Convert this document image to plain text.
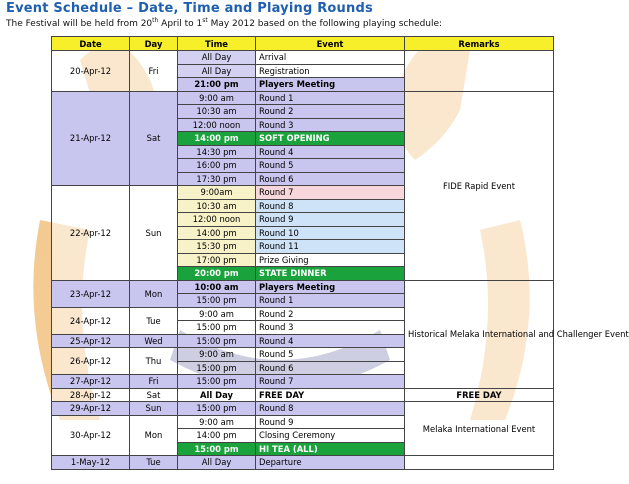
Event Schedule – Date, Time and Playing Rounds
The Festival will be held from 20th April to 1st May 2012 based on the following playing schedule:
Date	Day	Time	Event	Remarks
20-Apr-12	Fri	All Day	Arrival	
		All Day	Registration	
		21:00 pm	Players Meeting	
21-Apr-12	Sat	9:00 am	Round 1	FIDE Rapid Event
		10:30 am	Round 2	
		12:00 noon	Round 3	
		14:00 pm	SOFT OPENING	
		14:30 pm	Round 4	
		16:00 pm	Round 5	
		17:30 pm	Round 6	
22-Apr-12	Sun	9:00am	Round 7	
		10:30 am	Round 8	
		12:00 noon	Round 9	
		14:00 pm	Round 10	
		15:30 pm	Round 11	
		17:00 pm	Prize Giving	
		20:00 pm	STATE DINNER	
23-Apr-12	Mon	10:00 am	Players Meeting	Historical Melaka International and Challenger Event
		15:00 pm	Round 1	
24-Apr-12	Tue	9:00 am	Round 2	
		15:00 pm	Round 3	
25-Apr-12	Wed	15:00 pm	Round 4	
26-Apr-12	Thu	9:00 am	Round 5	
		15:00 pm	Round 6	
27-Apr-12	Fri	15:00 pm	Round 7	
28-Apr-12	Sat	All Day	FREE DAY	FREE DAY
29-Apr-12	Sun	15:00 pm	Round 8	Melaka International Event
30-Apr-12	Mon	9:00 am	Round 9	
		14:00 pm	Closing Ceremony	
		15:00 pm	HI TEA (ALL)	
1-May-12	Tue	All Day	Departure	
